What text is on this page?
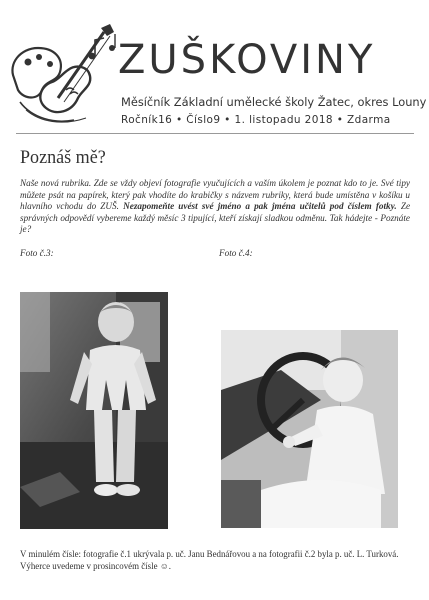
ZUŠKOVINY
Měsíčník Základní umělecké školy Žatec, okres Louny
Ročník16 • Číslo9 • 1. listopadu 2018 • Zdarma
Poznáš mě?
Naše nová rubrika. Zde se vždy objeví fotografie vyučujících a vaším úkolem je poznat kdo to je. Své tipy můžete psát na papírek, který pak vhodíte do krabičky s názvem rubriky, která bude umístěna v košíku u hlavního vchodu do ZUŠ. Nezapomeňte uvést své jméno a pak jména učitelů pod číslem fotky. Ze správných odpovědí vybereme každý měsíc 3 tipující, kteří získají sladkou odměnu. Tak hádejte - Poznáte je?
Foto č.3:	Foto č.4:

V minulém čísle: fotografie č.1 ukrývala p. uč. Janu Bednářovou a na fotografii č.2 byla p. uč. L. Turková.

Výherce uvedeme v prosincovém čísle ☺.
